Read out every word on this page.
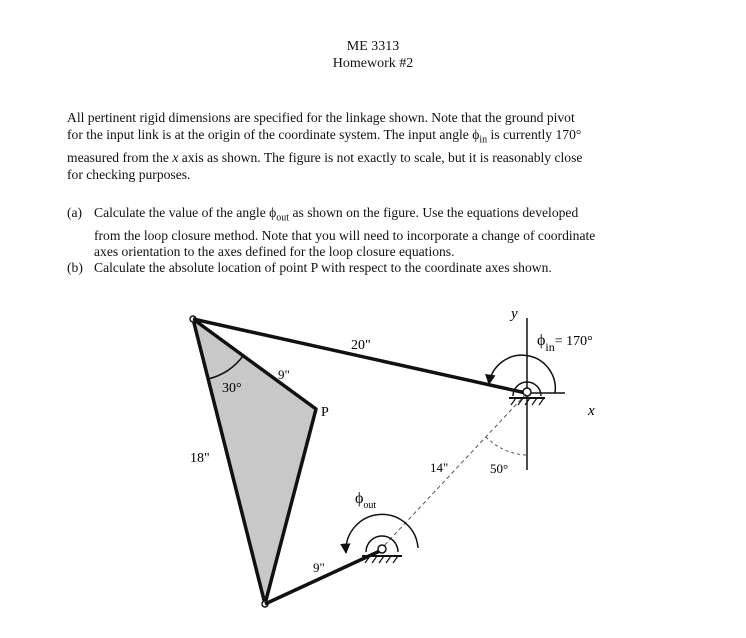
ME 3313
Homework #2
All pertinent rigid dimensions are specified for the linkage shown. Note that the ground pivot
for the input link is at the origin of the coordinate system. The input angle $\phi_{in}$ is currently 170°
measured from the x axis as shown. The figure is not exactly to scale, but it is reasonably close
for checking purposes.
(a) Calculate the value of the angle $\phi_{out}$ as shown on the figure. Use the equations developed
from the loop closure method. Note that you will need to incorporate a change of coordinate
axes orientation to the axes defined for the loop closure equations.
(b) Calculate the absolute location of point P with respect to the coordinate axes shown.
20"
9"
30°
P
18"
14"	50°
$\phi_{out}$
9"
y
x
$\phi_{in}= 170^\circ$
